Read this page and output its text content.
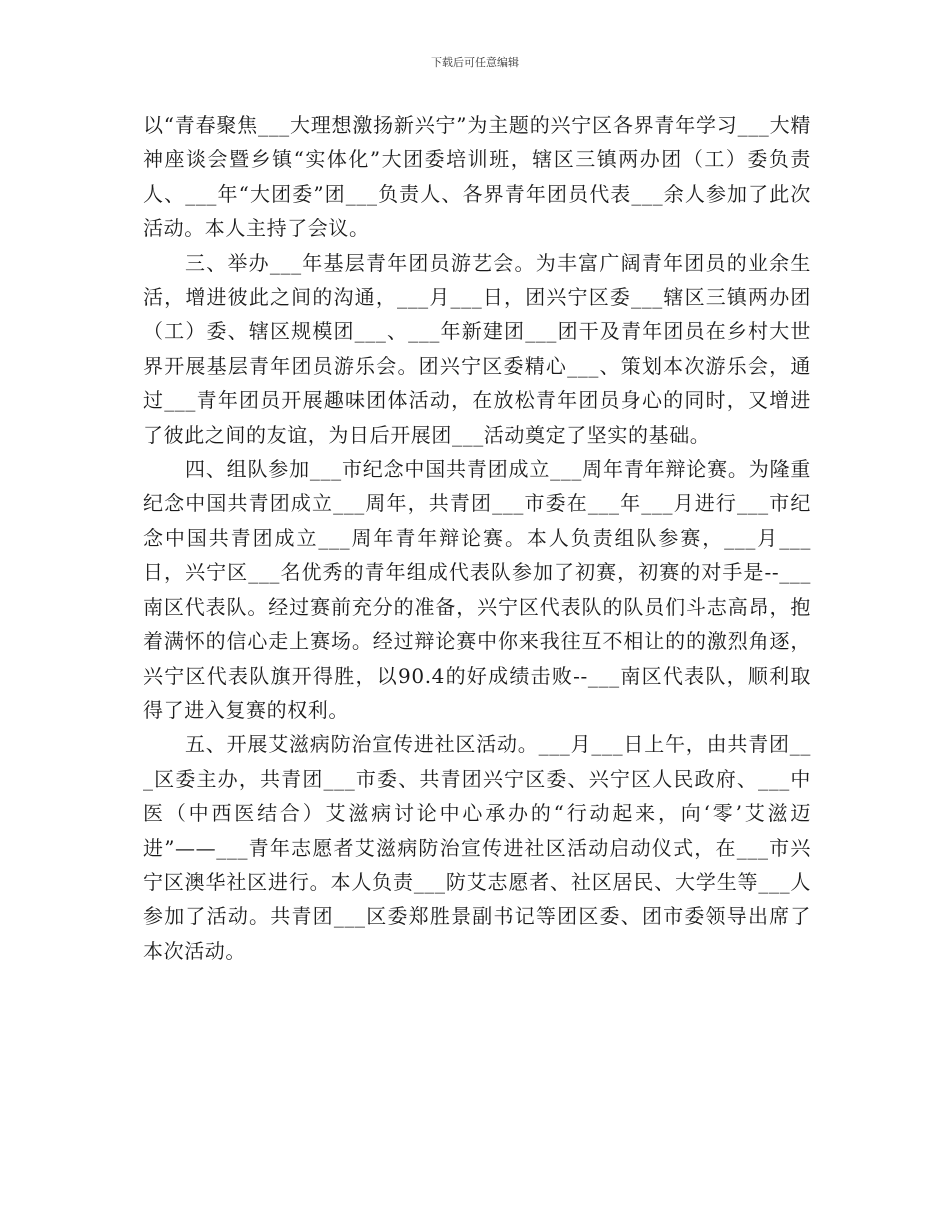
下载后可任意编辑

以“青春聚焦___大理想激扬新兴宁”为主题的兴宁区各界青年学习___大精神座谈会暨乡镇“实体化”大团委培训班，辖区三镇两办团（工）委负责人、___年“大团委”团___负责人、各界青年团员代表___余人参加了此次活动。本人主持了会议。

三、举办___年基层青年团员游艺会。为丰富广阔青年团员的业余生活，增进彼此之间的沟通，___月___日，团兴宁区委___辖区三镇两办团（工）委、辖区规模团___、___年新建团___团干及青年团员在乡村大世界开展基层青年团员游乐会。团兴宁区委精心___、策划本次游乐会，通过___青年团员开展趣味团体活动，在放松青年团员身心的同时，又增进了彼此之间的友谊，为日后开展团___活动奠定了坚实的基础。

四、组队参加___市纪念中国共青团成立___周年青年辩论赛。为隆重纪念中国共青团成立___周年，共青团___市委在___年___月进行___市纪念中国共青团成立___周年青年辩论赛。本人负责组队参赛，___月___日，兴宁区___名优秀的青年组成代表队参加了初赛，初赛的对手是--___南区代表队。经过赛前充分的准备，兴宁区代表队的队员们斗志高昂，抱着满怀的信心走上赛场。经过辩论赛中你来我往互不相让的的激烈角逐，兴宁区代表队旗开得胜，以90.4的好成绩击败--___南区代表队，顺利取得了进入复赛的权利。

五、开展艾滋病防治宣传进社区活动。___月___日上午，由共青团___区委主办，共青团___市委、共青团兴宁区委、兴宁区人民政府、___中医（中西医结合）艾滋病讨论中心承办的“行动起来，向‘零’艾滋迈进”——___青年志愿者艾滋病防治宣传进社区活动启动仪式，在___市兴宁区澳华社区进行。本人负责___防艾志愿者、社区居民、大学生等___人参加了活动。共青团___区委郑胜景副书记等团区委、团市委领导出席了本次活动。
